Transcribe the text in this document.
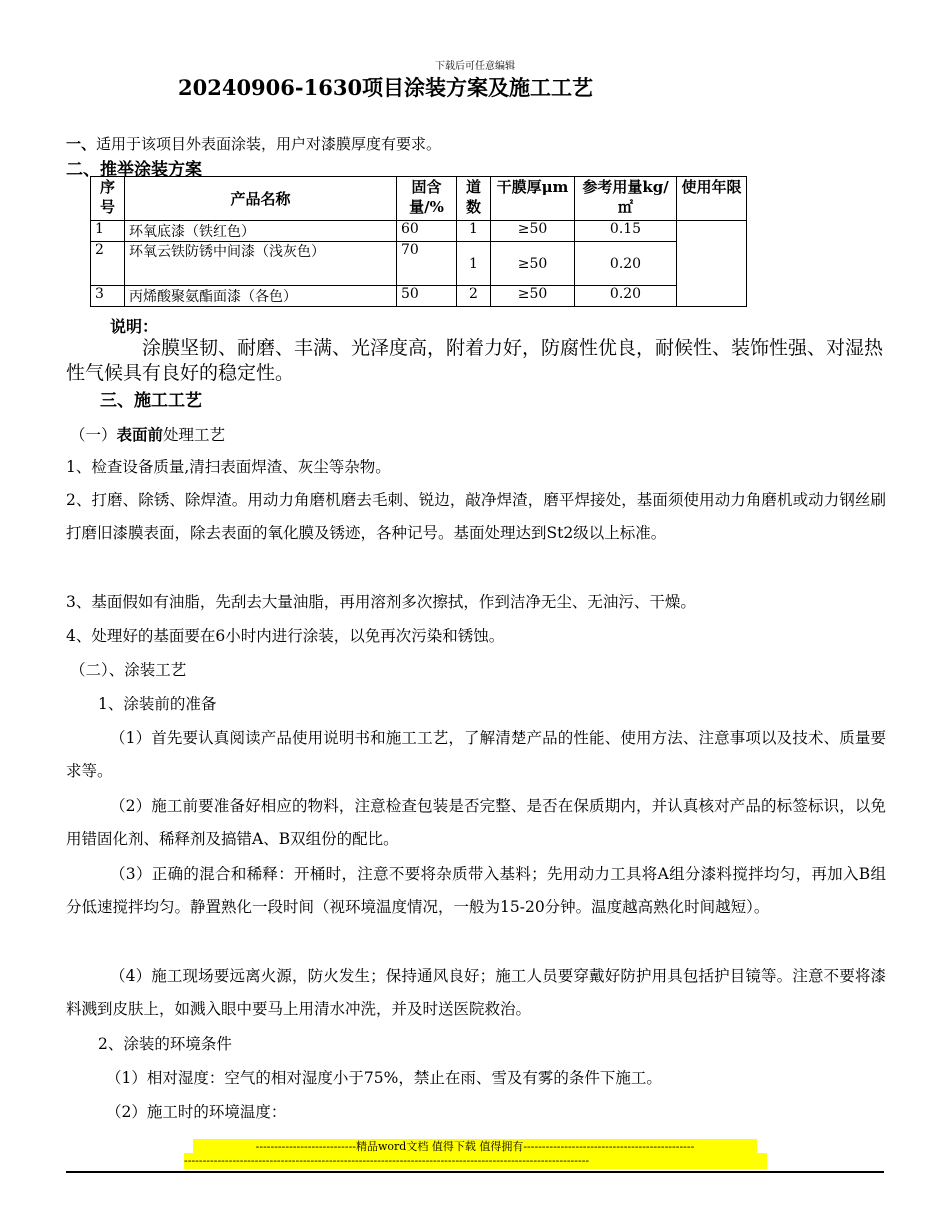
下载后可任意编辑
20240906-1630项目涂装方案及施工工艺
一、适用于该项目外表面涂装，用户对漆膜厚度有要求。
二、推举涂装方案
序号	产品名称	固含量/%	道数	干膜厚μm	参考用量kg/㎡	使用年限
1	环氧底漆（铁红色）	60	1	≥50	0.15	
2	环氧云铁防锈中间漆（浅灰色）	70	1	≥50	0.20	
3	丙烯酸聚氨酯面漆（各色）	50	2	≥50	0.20	
说明：
涂膜坚韧、耐磨、丰满、光泽度高，附着力好，防腐性优良，耐候性、装饰性强、对湿热性气候具有良好的稳定性。
三、施工工艺
（一）表面前处理工艺
1、检查设备质量,清扫表面焊渣、灰尘等杂物。
2、打磨、除锈、除焊渣。用动力角磨机磨去毛刺、锐边，敲净焊渣，磨平焊接处，基面须使用动力角磨机或动力钢丝刷打磨旧漆膜表面，除去表面的氧化膜及锈迹，各种记号。基面处理达到St2级以上标准。
3、基面假如有油脂，先刮去大量油脂，再用溶剂多次擦拭，作到洁净无尘、无油污、干燥。
4、处理好的基面要在6小时内进行涂装，以免再次污染和锈蚀。
（二）、涂装工艺
1、涂装前的准备
（1）首先要认真阅读产品使用说明书和施工工艺，了解清楚产品的性能、使用方法、注意事项以及技术、质量要求等。
（2）施工前要准备好相应的物料，注意检查包装是否完整、是否在保质期内，并认真核对产品的标签标识，以免用错固化剂、稀释剂及搞错A、B双组份的配比。
（3）正确的混合和稀释：开桶时，注意不要将杂质带入基料；先用动力工具将A组分漆料搅拌均匀，再加入B组分低速搅拌均匀。静置熟化一段时间（视环境温度情况，一般为15-20分钟。温度越高熟化时间越短）。
（4）施工现场要远离火源，防火发生；保持通风良好；施工人员要穿戴好防护用具包括护目镜等。注意不要将漆料溅到皮肤上，如溅入眼中要马上用清水冲洗，并及时送医院救治。
2、涂装的环境条件
（1）相对湿度：空气的相对湿度小于75%，禁止在雨、雪及有雾的条件下施工。
（2）施工时的环境温度：
---------------------------精品word文档 值得下载 值得拥有----------------------------------------------
-------------------------------------------------------------------------------------------------------------
